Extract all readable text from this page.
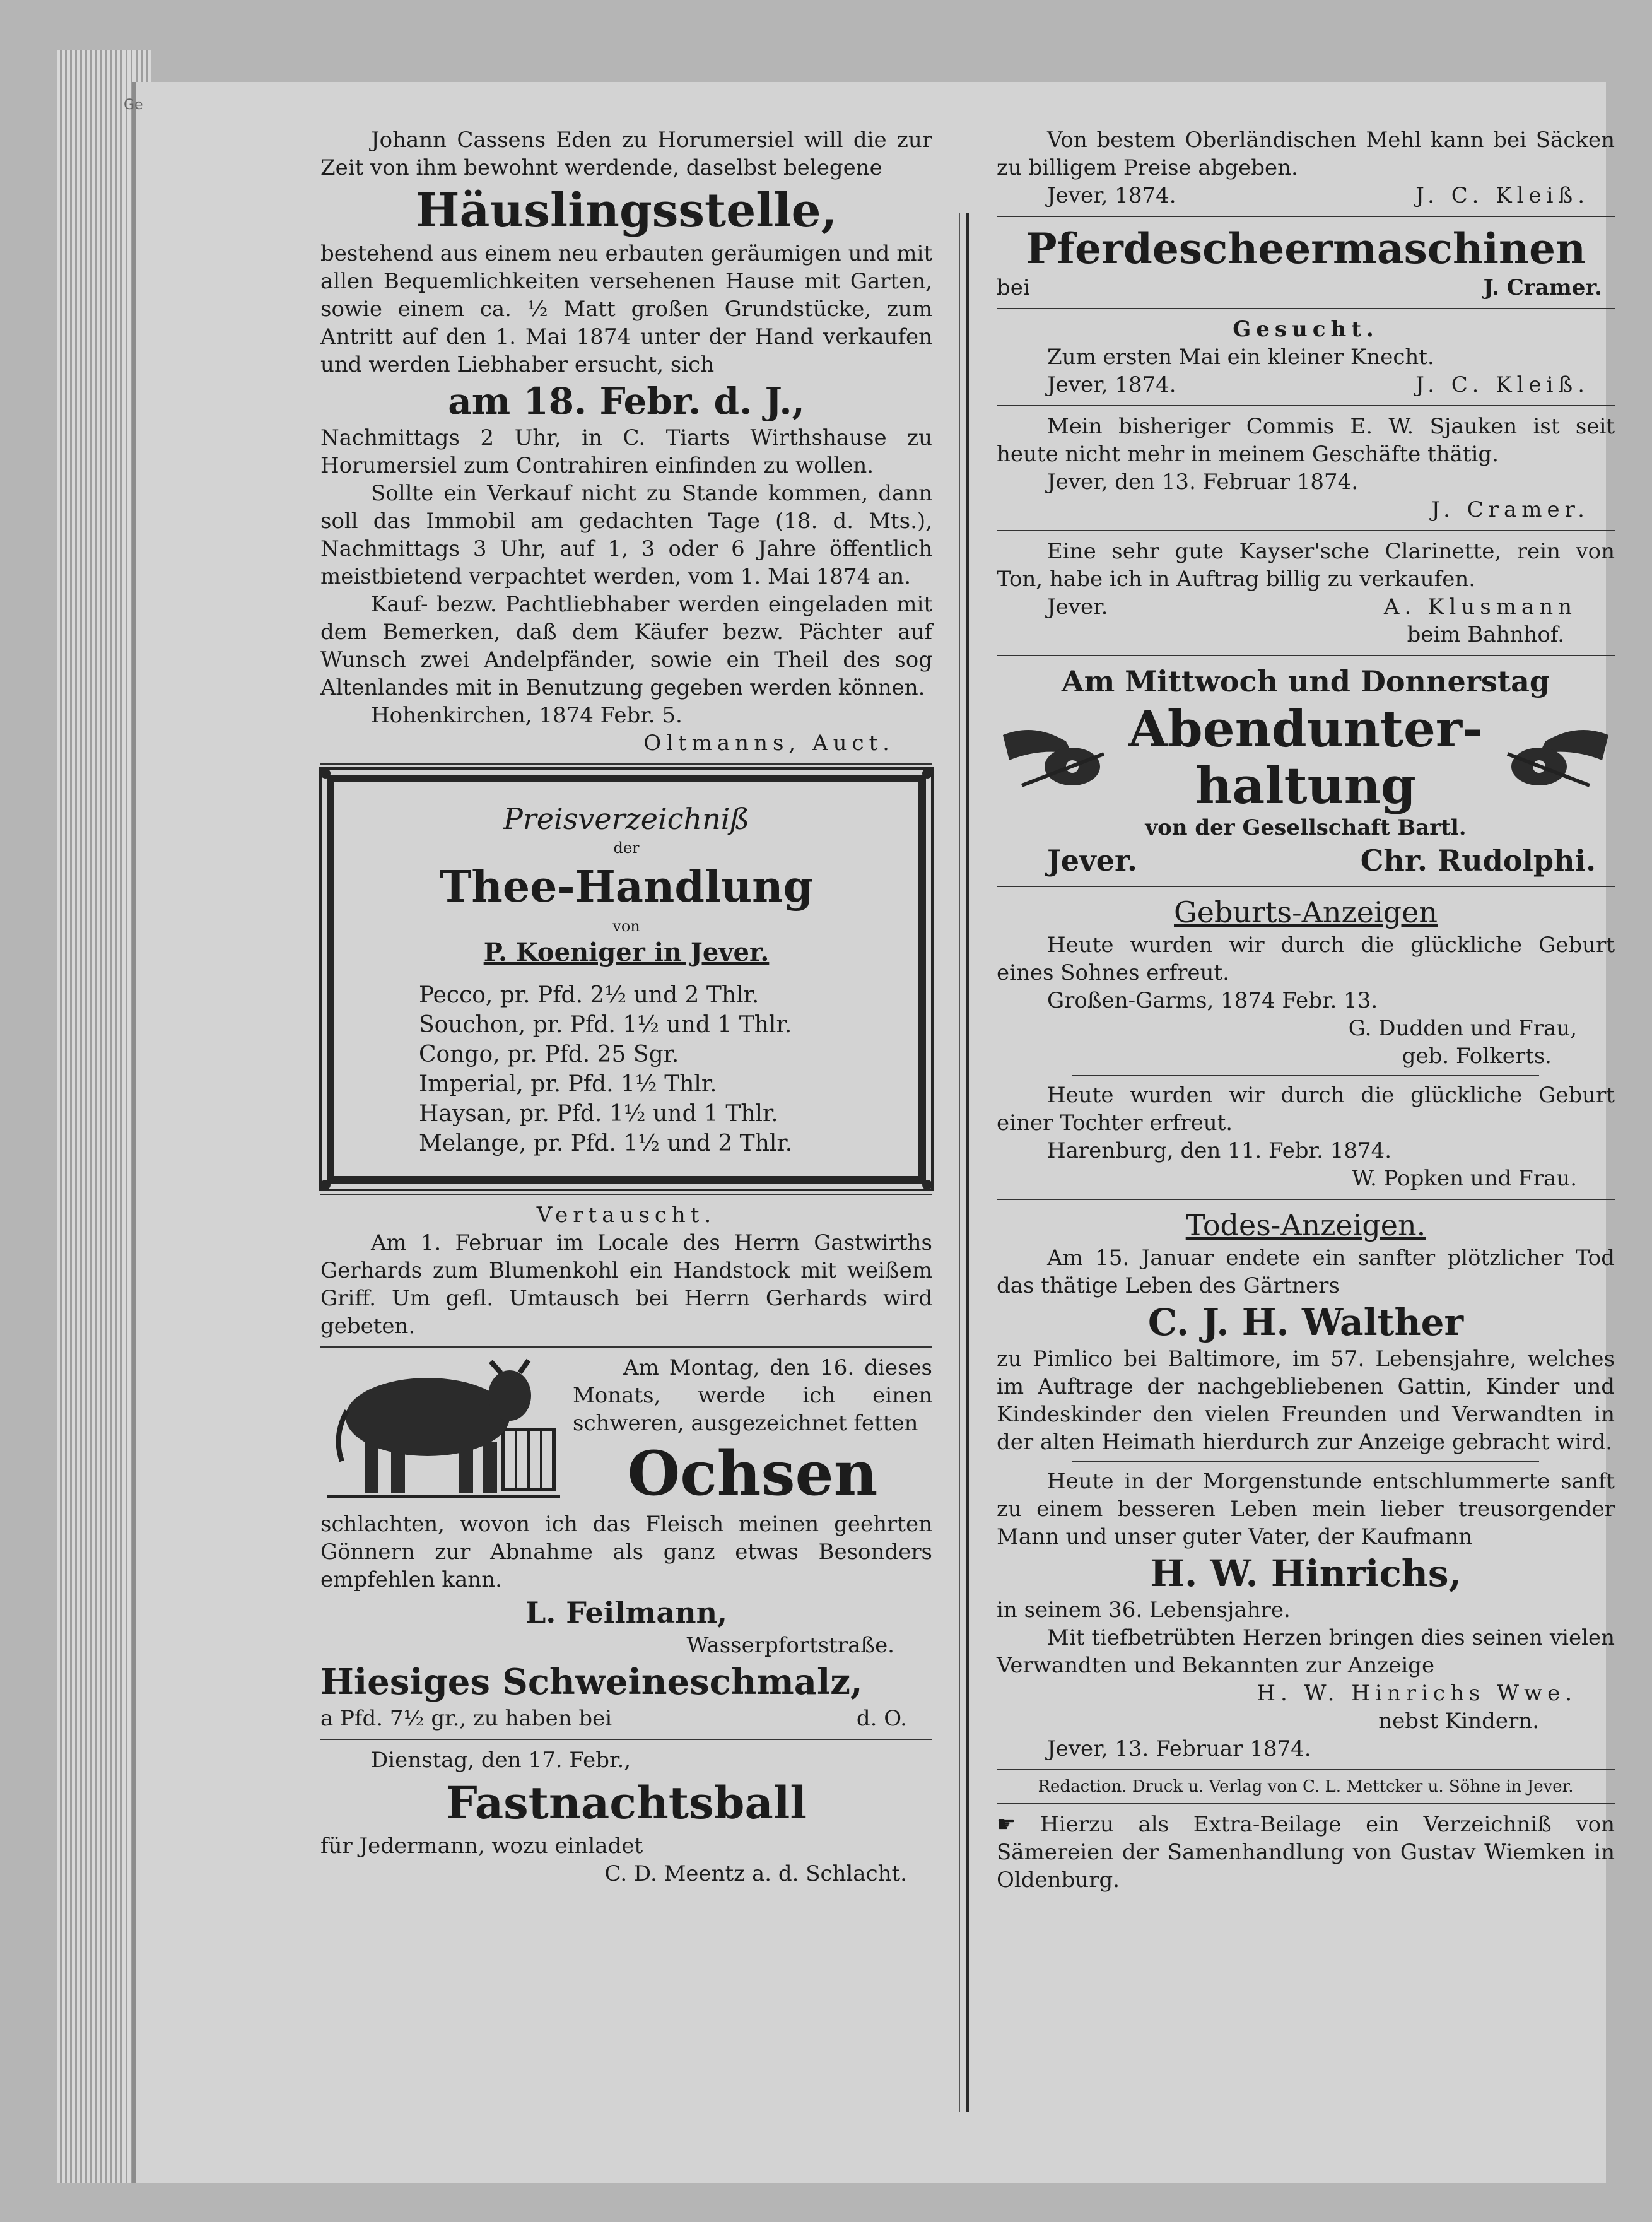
Ge
Johann Cassens Eden zu Horumersiel will die zur Zeit von ihm bewohnt werdende, daselbst belegene
Häuslingsstelle,
bestehend aus einem neu erbauten geräumigen und mit allen Bequemlichkeiten versehenen Hause mit Garten, sowie einem ca. ½ Matt großen Grundstücke, zum Antritt auf den 1. Mai 1874 unter der Hand verkaufen und werden Liebhaber ersucht, sich
am 18. Febr. d. J.,
Nachmittags 2 Uhr, in C. Tiarts Wirthshause zu Horumersiel zum Contrahiren einfinden zu wollen.
Sollte ein Verkauf nicht zu Stande kommen, dann soll das Immobil am gedachten Tage (18. d. Mts.), Nachmittags 3 Uhr, auf 1, 3 oder 6 Jahre öffentlich meistbietend verpachtet werden, vom 1. Mai 1874 an.
Kauf- bezw. Pachtliebhaber werden eingeladen mit dem Bemerken, daß dem Käufer bezw. Pächter auf Wunsch zwei Andelpfänder, sowie ein Theil des sog Altenlandes mit in Benutzung gegeben werden können.
Hohenkirchen, 1874 Febr. 5.
Oltmanns, Auct.
Preisverzeichniß
der
Thee-Handlung
von
P. Koeniger in Jever.
Pecco, pr. Pfd. 2½ und 2 Thlr.
Souchon, pr. Pfd. 1½ und 1 Thlr.
Congo, pr. Pfd. 25 Sgr.
Imperial, pr. Pfd. 1½ Thlr.
Haysan, pr. Pfd. 1½ und 1 Thlr.
Melange, pr. Pfd. 1½ und 2 Thlr.
Vertauscht.
Am 1. Februar im Locale des Herrn Gastwirths Gerhards zum Blumenkohl ein Handstock mit weißem Griff. Um gefl. Umtausch bei Herrn Gerhards wird gebeten.
Am Montag, den 16. dieses Monats, werde ich einen schweren, ausgezeichnet fetten
Ochsen
schlachten, wovon ich das Fleisch meinen geehrten Gönnern zur Abnahme als ganz etwas Besonders empfehlen kann.
L. Feilmann,
Wasserpfortstraße.
Hiesiges Schweineschmalz,
a Pfd. 7½ gr., zu haben bei	d. O.
Dienstag, den 17. Febr.,
Fastnachtsball
für Jedermann, wozu einladet
C. D. Meentz a. d. Schlacht.
Von bestem Oberländischen Mehl kann bei Säcken zu billigem Preise abgeben.
Jever, 1874.	J. C. Kleiß.
Pferdescheermaschinen
bei	J. Cramer.
Gesucht.
Zum ersten Mai ein kleiner Knecht.
Jever, 1874.	J. C. Kleiß.
Mein bisheriger Commis E. W. Sjauken ist seit heute nicht mehr in meinem Geschäfte thätig.
Jever, den 13. Februar 1874.
J. Cramer.
Eine sehr gute Kayser'sche Clarinette, rein von Ton, habe ich in Auftrag billig zu verkaufen.
Jever.	A. Klusmann
beim Bahnhof.
Am Mittwoch und Donnerstag
Abendunter-
haltung
von der Gesellschaft Bartl.
Jever.	Chr. Rudolphi.
Geburts-Anzeigen
Heute wurden wir durch die glückliche Geburt eines Sohnes erfreut.
Großen-Garms, 1874 Febr. 13.
G. Dudden und Frau,
geb. Folkerts.
Heute wurden wir durch die glückliche Geburt einer Tochter erfreut.
Harenburg, den 11. Febr. 1874.
W. Popken und Frau.
Todes-Anzeigen.
Am 15. Januar endete ein sanfter plötzlicher Tod das thätige Leben des Gärtners
C. J. H. Walther
zu Pimlico bei Baltimore, im 57. Lebensjahre, welches im Auftrage der nachgebliebenen Gattin, Kinder und Kindeskinder den vielen Freunden und Verwandten in der alten Heimath hierdurch zur Anzeige gebracht wird.
Heute in der Morgenstunde entschlummerte sanft zu einem besseren Leben mein lieber treusorgender Mann und unser guter Vater, der Kaufmann
H. W. Hinrichs,
in seinem 36. Lebensjahre.
Mit tiefbetrübten Herzen bringen dies seinen vielen Verwandten und Bekannten zur Anzeige
H. W. Hinrichs Wwe.
nebst Kindern.
Jever, 13. Februar 1874.
Redaction. Druck u. Verlag von C. L. Mettcker u. Söhne in Jever.
☛ Hierzu als Extra-Beilage ein Verzeichniß von Sämereien der Samenhandlung von Gustav Wiemken in Oldenburg.
